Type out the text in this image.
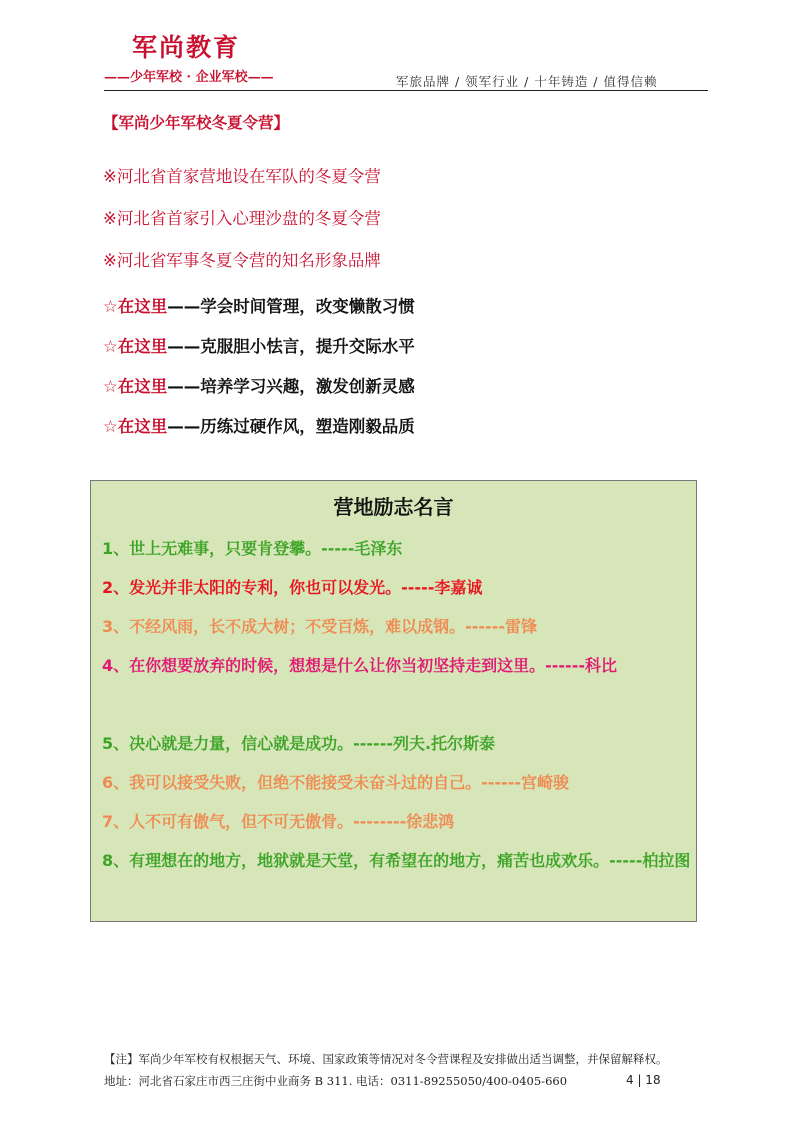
军尚教育
——少年军校 · 企业军校——	军旅品牌 / 领军行业 / 十年铸造 / 值得信赖
【军尚少年军校冬夏令营】
※河北省首家营地设在军队的冬夏令营
※河北省首家引入心理沙盘的冬夏令营
※河北省军事冬夏令营的知名形象品牌
☆在这里——学会时间管理，改变懒散习惯
☆在这里——克服胆小怯言，提升交际水平
☆在这里——培养学习兴趣，激发创新灵感
☆在这里——历练过硬作风，塑造刚毅品质
营地励志名言
1、世上无难事，只要肯登攀。-----毛泽东
2、发光并非太阳的专利，你也可以发光。-----李嘉诚
3、不经风雨，长不成大树；不受百炼，难以成钢。------雷锋
4、在你想要放弃的时候，想想是什么让你当初坚持走到这里。------科比
5、决心就是力量，信心就是成功。------列夫.托尔斯泰
6、我可以接受失败，但绝不能接受未奋斗过的自己。------宫崎骏
7、人不可有傲气，但不可无傲骨。--------徐悲鸿
8、有理想在的地方，地狱就是天堂，有希望在的地方，痛苦也成欢乐。-----柏拉图
【注】军尚少年军校有权根据天气、环境、国家政策等情况对冬令营课程及安排做出适当调整，并保留解释权。
地址：河北省石家庄市西三庄街中业商务 B 311. 电话：0311-89255050/400-0405-660	4 | 18
